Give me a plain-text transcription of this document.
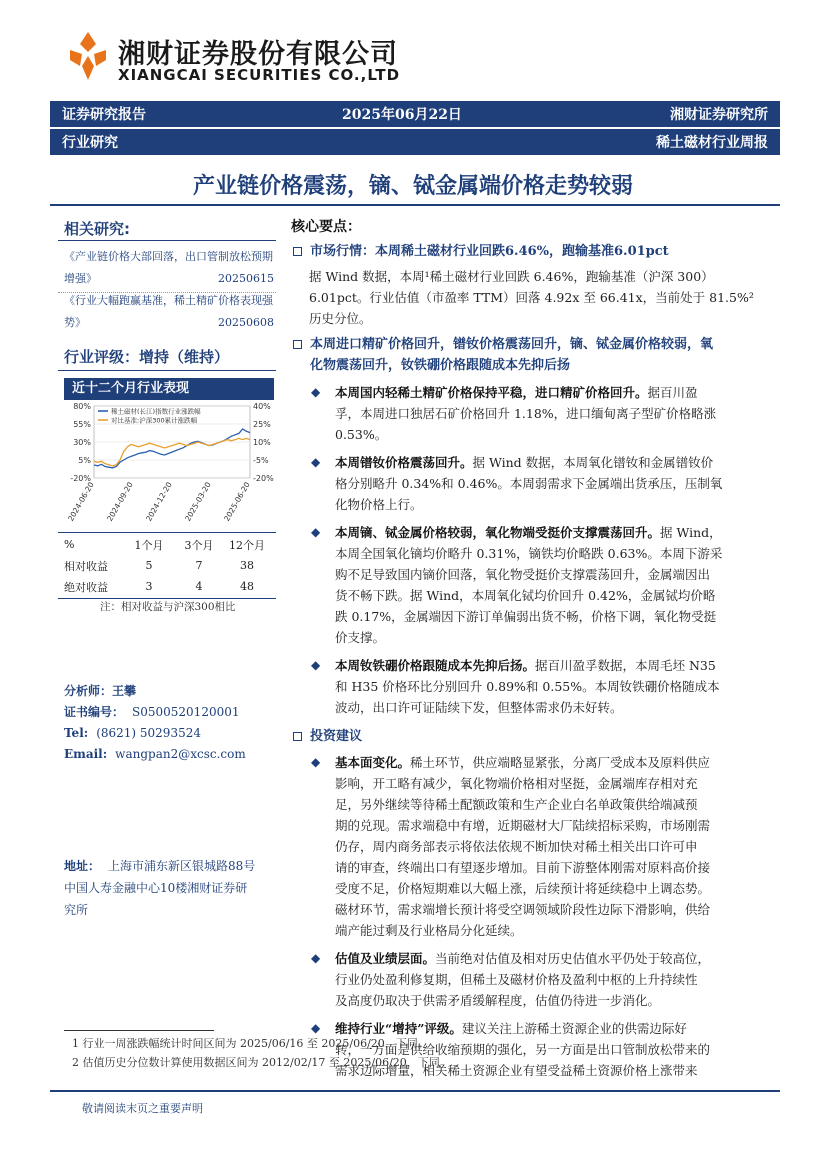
湘财证券股份有限公司
XIANGCAI SECURITIES CO.,LTD
证券研究报告	2025年06月22日	湘财证券研究所
行业研究	稀土磁材行业周报
产业链价格震荡，镝、铽金属端价格走势较弱
相关研究:
《产业链价格大部回落，出口管制放松预期
增强》	20250615
《行业大幅跑赢基准，稀土精矿价格表现强
势》	20250608
行业评级：增持（维持）
近十二个月行业表现
80%
55%
30%
5%
-20%
40%
25%
10%
-5%
-20%
2024-06-20 2024-09-20 2024-12-20 2025-03-20 2025-06-20
稀土磁材(长江)指数行业涨跌幅
对比基准:沪深300累计涨跌幅
%	1个月	3个月	12个月
相对收益	5	7	38
绝对收益	3	4	48
注：相对收益与沪深300相比
分析师：王攀
证书编号： S0500520120001
Tel: (8621) 50293524
Email: wangpan2@xcsc.com
地址： 上海市浦东新区银城路88号
中国人寿金融中心10楼湘财证券研
究所
核心要点：
市场行情：本周稀土磁材行业回跌6.46%，跑输基准6.01pct
据 Wind 数据，本周¹稀土磁材行业回跌 6.46%，跑输基准（沪深 300）
6.01pct。行业估值（市盈率 TTM）回落 4.92x 至 66.41x，当前处于 81.5%²
历史分位。
本周进口精矿价格回升，镨钕价格震荡回升，镝、铽金属价格较弱，氧
化物震荡回升，钕铁硼价格跟随成本先抑后扬
◆ 本周国内轻稀土精矿价格保持平稳，进口精矿价格回升。据百川盈
孚，本周进口独居石矿价格回升 1.18%，进口缅甸离子型矿价格略涨
0.53%。
◆ 本周镨钕价格震荡回升。据 Wind 数据，本周氧化镨钕和金属镨钕价
格分别略升 0.34%和 0.46%。本周弱需求下金属端出货承压，压制氧
化物价格上行。
◆ 本周镝、铽金属价格较弱，氧化物端受挺价支撑震荡回升。据 Wind，
本周全国氧化镝均价略升 0.31%，镝铁均价略跌 0.63%。本周下游采
购不足导致国内镝价回落，氧化物受挺价支撑震荡回升，金属端因出
货不畅下跌。据 Wind，本周氧化铽均价回升 0.42%，金属铽均价略
跌 0.17%，金属端因下游订单偏弱出货不畅，价格下调，氧化物受挺
价支撑。
◆ 本周钕铁硼价格跟随成本先抑后扬。据百川盈孚数据，本周毛坯 N35
和 H35 价格环比分别回升 0.89%和 0.55%。本周钕铁硼价格随成本
波动，出口许可证陆续下发，但整体需求仍未好转。
投资建议
◆ 基本面变化。稀土环节，供应端略显紧张，分离厂受成本及原料供应
影响，开工略有减少，氧化物端价格相对坚挺，金属端库存相对充
足，另外继续等待稀土配额政策和生产企业白名单政策供给端减预
期的兑现。需求端稳中有增，近期磁材大厂陆续招标采购，市场刚需
仍存，周内商务部表示将依法依规不断加快对稀土相关出口许可申
请的审查，终端出口有望逐步增加。目前下游整体刚需对原料高价接
受度不足，价格短期难以大幅上涨，后续预计将延续稳中上调态势。
磁材环节，需求端增长预计将受空调领域阶段性边际下滑影响，供给
端产能过剩及行业格局分化延续。
◆ 估值及业绩层面。当前绝对估值及相对历史估值水平仍处于较高位，
行业仍处盈利修复期，但稀土及磁材价格及盈利中枢的上升持续性
及高度仍取决于供需矛盾缓解程度，估值仍待进一步消化。
◆ 维持行业“增持”评级。建议关注上游稀土资源企业的供需边际好
转，一方面是供给收缩预期的强化，另一方面是出口管制放松带来的
需求边际增量，相关稀土资源企业有望受益稀土资源价格上涨带来
1 行业一周涨跌幅统计时间区间为 2025/06/16 至 2025/06/20，下同。
2 估值历史分位数计算使用数据区间为 2012/02/17 至 2025/06/20，下同。
敬请阅读末页之重要声明
